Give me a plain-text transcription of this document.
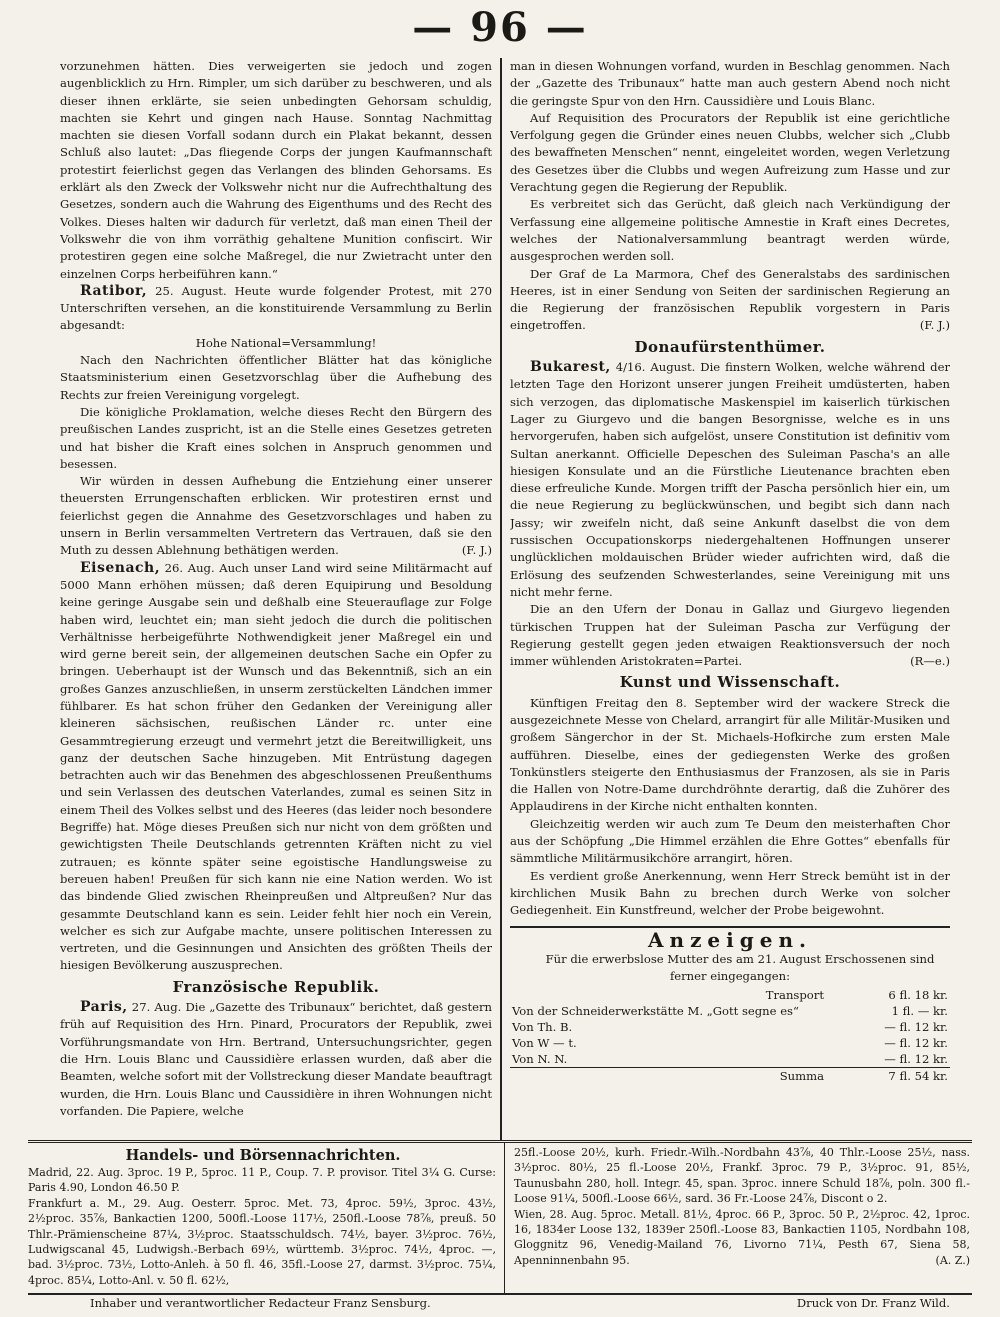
— 96 —

vorzunehmen hätten. Dies verweigerten sie jedoch und zogen augenblicklich zu Hrn. Rimpler, um sich darüber zu beschweren, und als dieser ihnen erklärte, sie seien unbedingten Gehorsam schuldig, machten sie Kehrt und gingen nach Hause. Sonntag Nachmittag machten sie diesen Vorfall sodann durch ein Plakat bekannt, dessen Schluß also lautet: „Das fliegende Corps der jungen Kaufmannschaft protestirt feierlichst gegen das Verlangen des blinden Gehorsams. Es erklärt als den Zweck der Volkswehr nicht nur die Aufrechthaltung des Gesetzes, sondern auch die Wahrung des Eigenthums und des Recht des Volkes. Dieses halten wir dadurch für verletzt, daß man einen Theil der Volkswehr die von ihm vorräthig gehaltene Munition confiscirt. Wir protestiren gegen eine solche Maßregel, die nur Zwietracht unter den einzelnen Corps herbeiführen kann.“

Ratibor, 25. August. Heute wurde folgender Protest, mit 270 Unterschriften versehen, an die konstituirende Versammlung zu Berlin abgesandt:

Hohe National=Versammlung!

Nach den Nachrichten öffentlicher Blätter hat das königliche Staatsministerium einen Gesetzvorschlag über die Aufhebung des Rechts zur freien Vereinigung vorgelegt.

Die königliche Proklamation, welche dieses Recht den Bürgern des preußischen Landes zuspricht, ist an die Stelle eines Gesetzes getreten und hat bisher die Kraft eines solchen in Anspruch genommen und besessen.

Wir würden in dessen Aufhebung die Entziehung einer unserer theuersten Errungenschaften erblicken. Wir protestiren ernst und feierlichst gegen die Annahme des Gesetzvorschlages und haben zu unsern in Berlin versammelten Vertretern das Vertrauen, daß sie den Muth zu dessen Ablehnung bethätigen werden.	(F. J.)

Eisenach, 26. Aug. Auch unser Land wird seine Militärmacht auf 5000 Mann erhöhen müssen; daß deren Equipirung und Besoldung keine geringe Ausgabe sein und deßhalb eine Steuerauflage zur Folge haben wird, leuchtet ein; man sieht jedoch die durch die politischen Verhältnisse herbeigeführte Nothwendigkeit jener Maßregel ein und wird gerne bereit sein, der allgemeinen deutschen Sache ein Opfer zu bringen. Ueberhaupt ist der Wunsch und das Bekenntniß, sich an ein großes Ganzes anzuschließen, in unserm zerstückelten Ländchen immer fühlbarer. Es hat schon früher den Gedanken der Vereinigung aller kleineren sächsischen, reußischen Länder rc. unter eine Gesammtregierung erzeugt und vermehrt jetzt die Bereitwilligkeit, uns ganz der deutschen Sache hinzugeben. Mit Entrüstung dagegen betrachten auch wir das Benehmen des abgeschlossenen Preußenthums und sein Verlassen des deutschen Vaterlandes, zumal es seinen Sitz in einem Theil des Volkes selbst und des Heeres (das leider noch besondere Begriffe) hat. Möge dieses Preußen sich nur nicht von dem größten und gewichtigsten Theile Deutschlands getrennten Kräften nicht zu viel zutrauen; es könnte später seine egoistische Handlungsweise zu bereuen haben! Preußen für sich kann nie eine Nation werden. Wo ist das bindende Glied zwischen Rheinpreußen und Altpreußen? Nur das gesammte Deutschland kann es sein. Leider fehlt hier noch ein Verein, welcher es sich zur Aufgabe machte, unsere politischen Interessen zu vertreten, und die Gesinnungen und Ansichten des größten Theils der hiesigen Bevölkerung auszusprechen.

Französische Republik.

Paris, 27. Aug. Die „Gazette des Tribunaux“ berichtet, daß gestern früh auf Requisition des Hrn. Pinard, Procurators der Republik, zwei Vorführungsmandate von Hrn. Bertrand, Untersuchungsrichter, gegen die Hrn. Louis Blanc und Caussidière erlassen wurden, daß aber die Beamten, welche sofort mit der Vollstreckung dieser Mandate beauftragt wurden, die Hrn. Louis Blanc und Caussidière in ihren Wohnungen nicht vorfanden. Die Papiere, welche

man in diesen Wohnungen vorfand, wurden in Beschlag genommen. Nach der „Gazette des Tribunaux“ hatte man auch gestern Abend noch nicht die geringste Spur von den Hrn. Caussidière und Louis Blanc.

Auf Requisition des Procurators der Republik ist eine gerichtliche Verfolgung gegen die Gründer eines neuen Clubbs, welcher sich „Clubb des bewaffneten Menschen“ nennt, eingeleitet worden, wegen Verletzung des Gesetzes über die Clubbs und wegen Aufreizung zum Hasse und zur Verachtung gegen die Regierung der Republik.

Es verbreitet sich das Gerücht, daß gleich nach Verkündigung der Verfassung eine allgemeine politische Amnestie in Kraft eines Decretes, welches der Nationalversammlung beantragt werden würde, ausgesprochen werden soll.

Der Graf de La Marmora, Chef des Generalstabs des sardinischen Heeres, ist in einer Sendung von Seiten der sardinischen Regierung an die Regierung der französischen Republik vorgestern in Paris eingetroffen.	(F. J.)

Donaufürstenthümer.

Bukarest, 4/16. August. Die finstern Wolken, welche während der letzten Tage den Horizont unserer jungen Freiheit umdüsterten, haben sich verzogen, das diplomatische Maskenspiel im kaiserlich türkischen Lager zu Giurgevo und die bangen Besorgnisse, welche es in uns hervorgerufen, haben sich aufgelöst, unsere Constitution ist definitiv vom Sultan anerkannt. Officielle Depeschen des Suleiman Pascha's an alle hiesigen Konsulate und an die Fürstliche Lieutenance brachten eben diese erfreuliche Kunde. Morgen trifft der Pascha persönlich hier ein, um die neue Regierung zu beglückwünschen, und begibt sich dann nach Jassy; wir zweifeln nicht, daß seine Ankunft daselbst die von dem russischen Occupationskorps niedergehaltenen Hoffnungen unserer unglücklichen moldauischen Brüder wieder aufrichten wird, daß die Erlösung des seufzenden Schwesterlandes, seine Vereinigung mit uns nicht mehr ferne.

Die an den Ufern der Donau in Gallaz und Giurgevo liegenden türkischen Truppen hat der Suleiman Pascha zur Verfügung der Regierung gestellt gegen jeden etwaigen Reaktionsversuch der noch immer wühlenden Aristokraten=Partei.	(R—e.)

Kunst und Wissenschaft.

Künftigen Freitag den 8. September wird der wackere Streck die ausgezeichnete Messe von Chelard, arrangirt für alle Militär-Musiken und großem Sängerchor in der St. Michaels-Hofkirche zum ersten Male aufführen. Dieselbe, eines der gediegensten Werke des großen Tonkünstlers steigerte den Enthusiasmus der Franzosen, als sie in Paris die Hallen von Notre-Dame durchdröhnte derartig, daß die Zuhörer des Applaudirens in der Kirche nicht enthalten konnten.

Gleichzeitig werden wir auch zum Te Deum den meisterhaften Chor aus der Schöpfung „Die Himmel erzählen die Ehre Gottes“ ebenfalls für sämmtliche Militärmusikchöre arrangirt, hören.

Es verdient große Anerkennung, wenn Herr Streck bemüht ist in der kirchlichen Musik Bahn zu brechen durch Werke von solcher Gediegenheit. Ein Kunstfreund, welcher der Probe beigewohnt.

Anzeigen.

Für die erwerbslose Mutter des am 21. August Erschossenen sind ferner eingegangen:

Transport	6 fl. 18 kr.
Von der Schneiderwerkstätte M. „Gott segne es“	1 fl. — kr.
Von Th. B.	— fl. 12 kr.
Von W — t.	— fl. 12 kr.
Von N. N.	— fl. 12 kr.
Summa	7 fl. 54 kr.
Handels- und Börsennachrichten.

Madrid, 22. Aug. 3proc. 19 P., 5proc. 11 P., Coup. 7. P. provisor. Titel 3¼ G. Curse: Paris 4.90, London 46.50 P.

Frankfurt a. M., 29. Aug. Oesterr. 5proc. Met. 73, 4proc. 59½, 3proc. 43½, 2½proc. 35⅞, Bankactien 1200, 500fl.-Loose 117½, 250fl.-Loose 78⅞, preuß. 50 Thlr.-Prämienscheine 87¼, 3½proc. Staatsschuldsch. 74½, bayer. 3½proc. 76½, Ludwigscanal 45, Ludwigsh.-Berbach 69½, württemb. 3½proc. 74½, 4proc. —, bad. 3½proc. 73½, Lotto-Anleh. à 50 fl. 46, 35fl.-Loose 27, darmst. 3½proc. 75¼, 4proc. 85¼, Lotto-Anl. v. 50 fl. 62½,

25fl.-Loose 20½, kurh. Friedr.-Wilh.-Nordbahn 43⅞, 40 Thlr.-Loose 25½, nass. 3½proc. 80½, 25 fl.-Loose 20½, Frankf. 3proc. 79 P., 3½proc. 91, 85½, Taunusbahn 280, holl. Integr. 45, span. 3proc. innere Schuld 18⅞, poln. 300 fl.-Loose 91¼, 500fl.-Loose 66½, sard. 36 Fr.-Loose 24⅞, Discont o 2.

Wien, 28. Aug. 5proc. Metall. 81½, 4proc. 66 P., 3proc. 50 P., 2½proc. 42, 1proc. 16, 1834er Loose 132, 1839er 250fl.-Loose 83, Bankactien 1105, Nordbahn 108, Gloggnitz 96, Venedig-Mailand 76, Livorno 71¼, Pesth 67, Siena 58, Apenninnenbahn 95.	(A. Z.)

Inhaber und verantwortlicher Redacteur Franz Sensburg.	Druck von Dr. Franz Wild.
